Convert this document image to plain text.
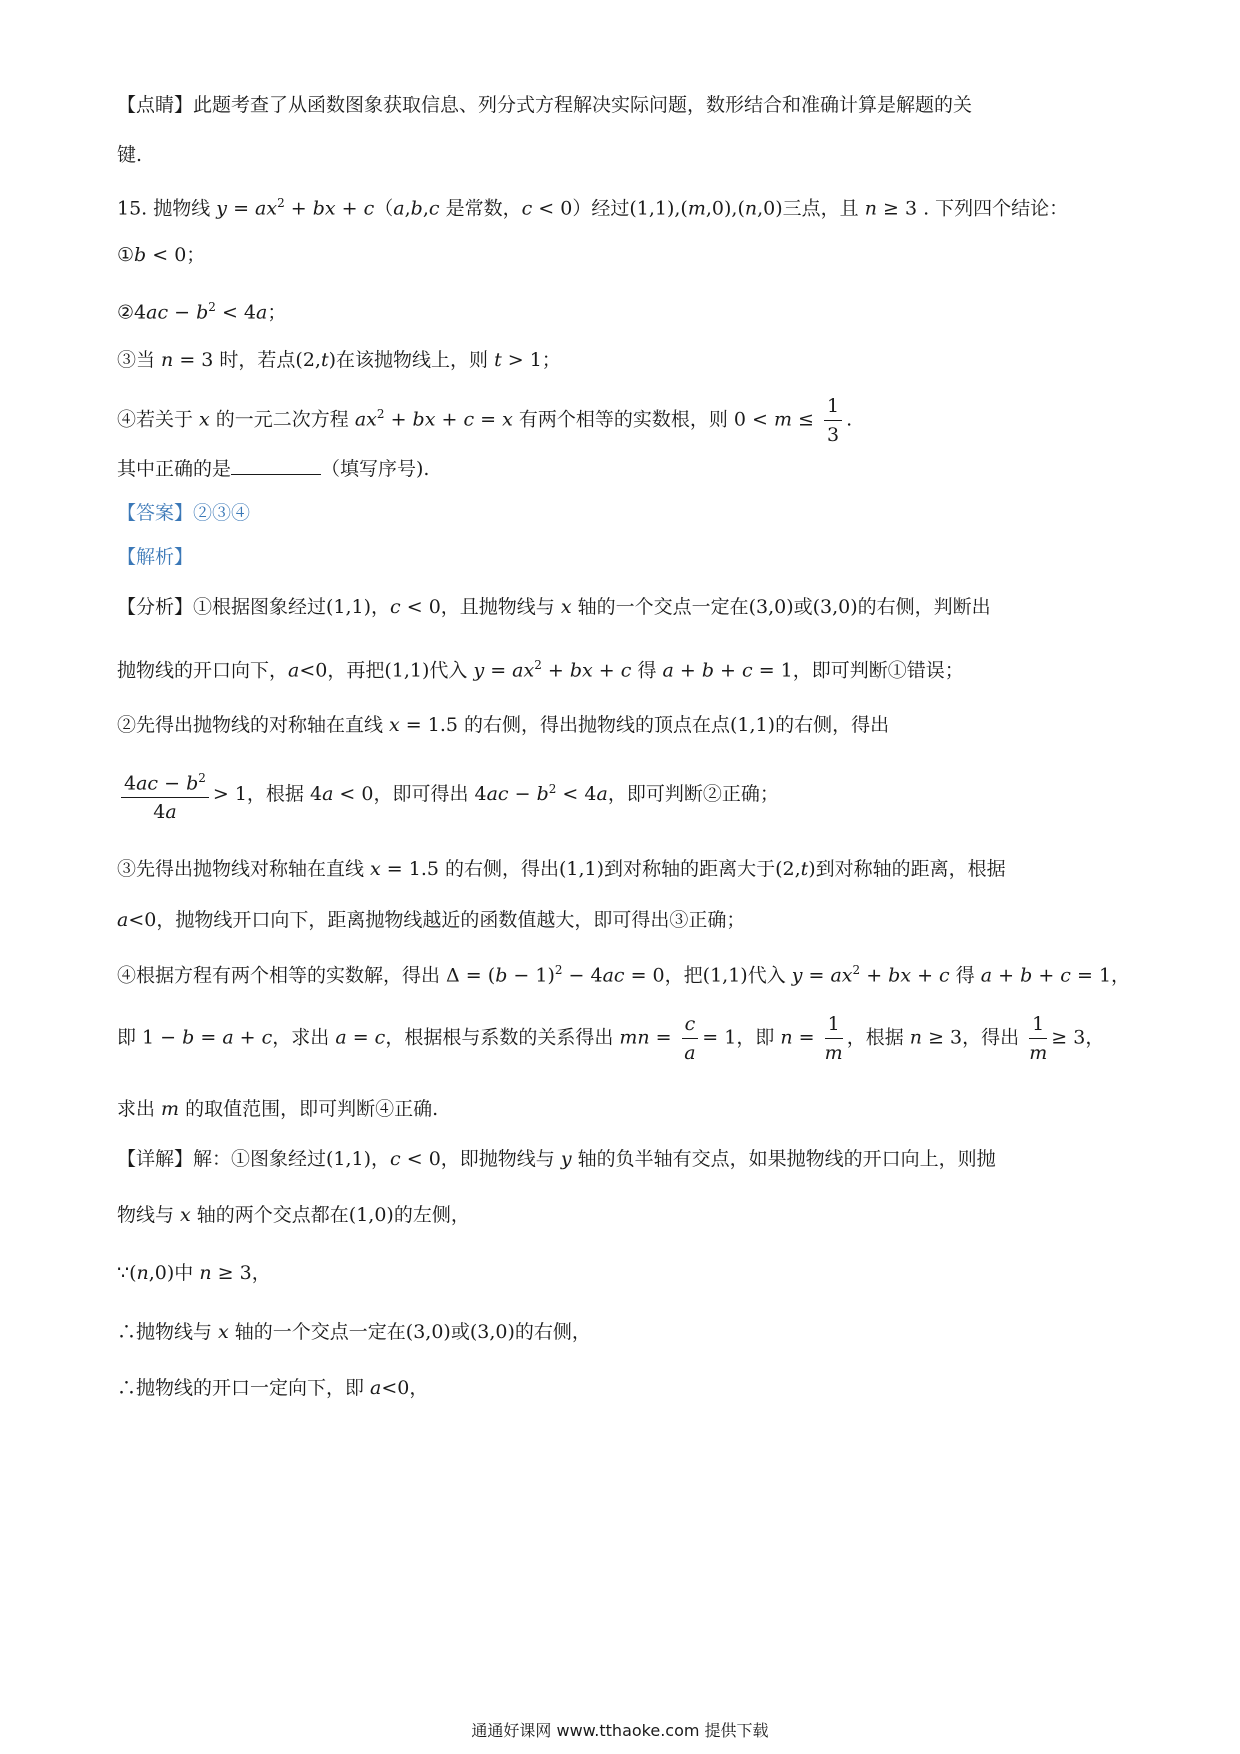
【点睛】此题考查了从函数图象获取信息、列分式方程解决实际问题，数形结合和准确计算是解题的关
键.
15. 抛物线 $y = ax^2$ + bx + c（a,b,c 是常数，c < 0）经过(1,1),(m,0),(n,0)三点，且 n ≥ 3 . 下列四个结论：
①b < 0；
②4ac − $b^2 < 4a$；
③当 n = 3 时，若点(2,t)在该抛物线上，则 t > 1；
④若关于 x 的一元二次方程 $ax^2$ + bx + c = x 有两个相等的实数根，则 $0 < m \le \frac{1}{3}$ .
其中正确的是	（填写序号).
【答案】②③④
【解析】
【分析】①根据图象经过(1,1)，c < 0，且抛物线与 x 轴的一个交点一定在(3,0)或(3,0)的右侧，判断出
抛物线的开口向下，a<0，再把(1,1)代入 $y = ax^2$ + bx + c 得 a + b + c = 1，即可判断①错误；
②先得出抛物线的对称轴在直线 x = 1.5 的右侧，得出抛物线的顶点在点(1,1)的右侧，得出
$\frac{4ac - b^2}{4a} > 1$，根据 4a < 0，即可得出 $4ac - b^2 < 4a$，即可判断②正确；
③先得出抛物线对称轴在直线 x = 1.5 的右侧，得出(1,1)到对称轴的距离大于(2,t)到对称轴的距离，根据
a<0，抛物线开口向下，距离抛物线越近的函数值越大，即可得出③正确；
④根据方程有两个相等的实数解，得出 $\Delta = (b - 1)^2 - 4ac = 0$，把(1,1)代入 $y = ax^2$ + bx + c 得 a + b + c = 1，
即 1 − b = a + c，求出 a = c，根据根与系数的关系得出 mn = $\frac{c}{a} = 1$，即 $n = \frac{1}{m}$ ，根据 n ≥ 3，得出 $\frac{1}{m} \ge 3$，
求出 m 的取值范围，即可判断④正确.
【详解】解：①图象经过(1,1)，c < 0，即抛物线与 y 轴的负半轴有交点，如果抛物线的开口向上，则抛
物线与 x 轴的两个交点都在(1,0)的左侧，
∵(n,0)中 n ≥ 3，
∴抛物线与 x 轴的一个交点一定在(3,0)或(3,0)的右侧，
∴抛物线的开口一定向下，即 a<0，
通通好课网 www.tthaoke.com 提供下载
